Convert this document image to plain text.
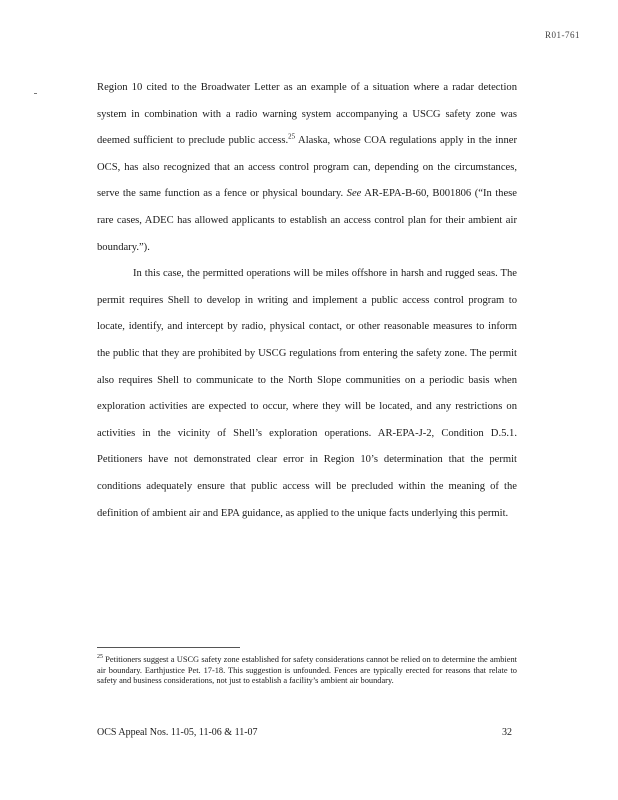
R01-761

Region 10 cited to the Broadwater Letter as an example of a situation where a radar detection system in combination with a radio warning system accompanying a USCG safety zone was deemed sufficient to preclude public access.$^{25}$ Alaska, whose COA regulations apply in the inner OCS, has also recognized that an access control program can, depending on the circumstances, serve the same function as a fence or physical boundary. See AR-EPA-B-60, B001806 (“In these rare cases, ADEC has allowed applicants to establish an access control plan for their ambient air boundary.”).

In this case, the permitted operations will be miles offshore in harsh and rugged seas. The permit requires Shell to develop in writing and implement a public access control program to locate, identify, and intercept by radio, physical contact, or other reasonable measures to inform the public that they are prohibited by USCG regulations from entering the safety zone. The permit also requires Shell to communicate to the North Slope communities on a periodic basis when exploration activities are expected to occur, where they will be located, and any restrictions on activities in the vicinity of Shell’s exploration operations. AR-EPA-J-2, Condition D.5.1. Petitioners have not demonstrated clear error in Region 10’s determination that the permit conditions adequately ensure that public access will be precluded within the meaning of the definition of ambient air and EPA guidance, as applied to the unique facts underlying this permit.

$^{25}$ Petitioners suggest a USCG safety zone established for safety considerations cannot be relied on to determine the ambient air boundary. Earthjustice Pet. 17-18. This suggestion is unfounded. Fences are typically erected for reasons that relate to safety and business considerations, not just to establish a facility’s ambient air boundary.
OCS Appeal Nos. 11-05, 11-06 & 11-07	32
